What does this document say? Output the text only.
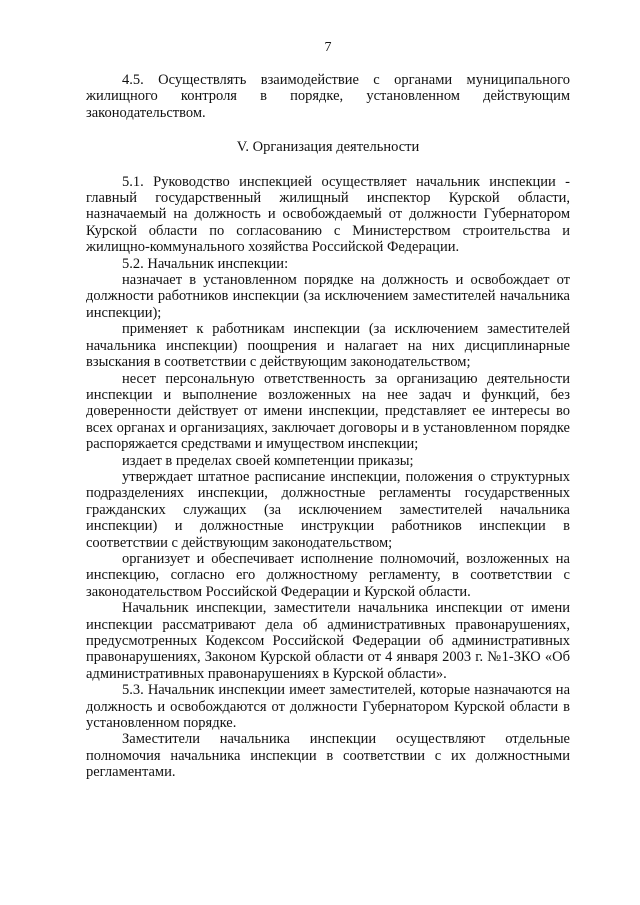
7

4.5. Осуществлять взаимодействие с органами муниципального жилищного контроля в порядке, установленном действующим законодательством.

V. Организация деятельности

5.1. Руководство инспекцией осуществляет начальник инспекции - главный государственный жилищный инспектор Курской области, назначаемый на должность и освобождаемый от должности Губернатором Курской области по согласованию с Министерством строительства и жилищно-коммунального хозяйства Российской Федерации.

5.2. Начальник инспекции:

назначает в установленном порядке на должность и освобождает от должности работников инспекции (за исключением заместителей начальника инспекции);

применяет к работникам инспекции (за исключением заместителей начальника инспекции) поощрения и налагает на них дисциплинарные взыскания в соответствии с действующим законодательством;

несет персональную ответственность за организацию деятельности инспекции и выполнение возложенных на нее задач и функций, без доверенности действует от имени инспекции, представляет ее интересы во всех органах и организациях, заключает договоры и в установленном порядке распоряжается средствами и имуществом инспекции;

издает в пределах своей компетенции приказы;

утверждает штатное расписание инспекции, положения о структурных подразделениях инспекции, должностные регламенты государственных гражданских служащих (за исключением заместителей начальника инспекции) и должностные инструкции работников инспекции в соответствии с действующим законодательством;

организует и обеспечивает исполнение полномочий, возложенных на инспекцию, согласно его должностному регламенту, в соответствии с законодательством Российской Федерации и Курской области.

Начальник инспекции, заместители начальника инспекции от имени инспекции рассматривают дела об административных правонарушениях, предусмотренных Кодексом Российской Федерации об административных правонарушениях, Законом Курской области от 4 января 2003 г. №1-ЗКО «Об административных правонарушениях в Курской области».

5.3. Начальник инспекции имеет заместителей, которые назначаются на должность и освобождаются от должности Губернатором Курской области в установленном порядке.

Заместители начальника инспекции осуществляют отдельные полномочия начальника инспекции в соответствии с их должностными регламентами.
